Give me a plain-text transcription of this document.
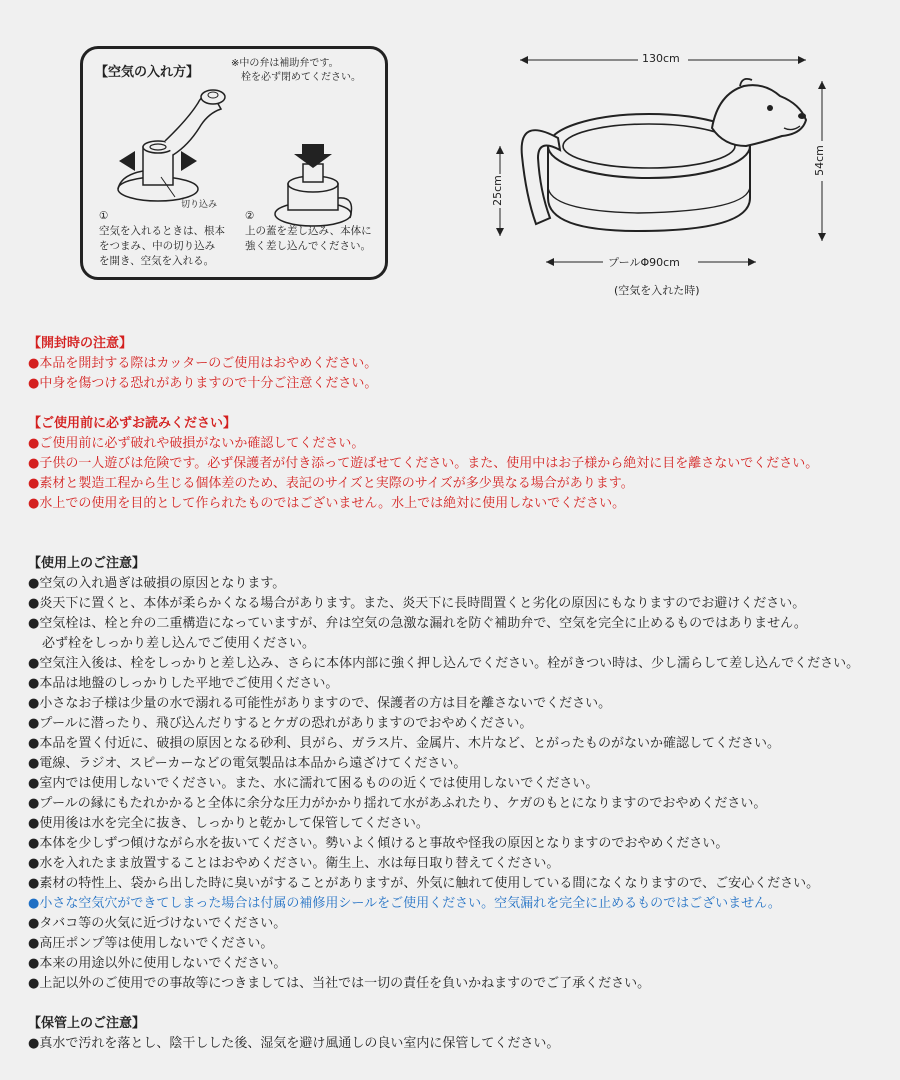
【空気の入れ方】
※中の弁は補助弁です。
　栓を必ず閉めてください。
切り込み
①
空気を入れるときは、根本
をつまみ、中の切り込み
を開き、空気を入れる。
②
上の蓋を差し込み、本体に
強く差し込んでください。
130cm
54cm
25cm
プールΦ90cm
(空気を入れた時)
【開封時の注意】
●本品を開封する際はカッターのご使用はおやめください。
●中身を傷つける恐れがありますので十分ご注意ください。
【ご使用前に必ずお読みください】
●ご使用前に必ず破れや破損がないか確認してください。
●子供の一人遊びは危険です。必ず保護者が付き添って遊ばせてください。また、使用中はお子様から絶対に目を離さないでください。
●素材と製造工程から生じる個体差のため、表記のサイズと実際のサイズが多少異なる場合があります。
●水上での使用を目的として作られたものではございません。水上では絶対に使用しないでください。
【使用上のご注意】
●空気の入れ過ぎは破損の原因となります。
●炎天下に置くと、本体が柔らかくなる場合があります。また、炎天下に長時間置くと劣化の原因にもなりますのでお避けください。
●空気栓は、栓と弁の二重構造になっていますが、弁は空気の急激な漏れを防ぐ補助弁で、空気を完全に止めるものではありません。
必ず栓をしっかり差し込んでご使用ください。
●空気注入後は、栓をしっかりと差し込み、さらに本体内部に強く押し込んでください。栓がきつい時は、少し濡らして差し込んでください。
●本品は地盤のしっかりした平地でご使用ください。
●小さなお子様は少量の水で溺れる可能性がありますので、保護者の方は目を離さないでください。
●プールに潜ったり、飛び込んだりするとケガの恐れがありますのでおやめください。
●本品を置く付近に、破損の原因となる砂利、貝がら、ガラス片、金属片、木片など、とがったものがないか確認してください。
●電線、ラジオ、スピーカーなどの電気製品は本品から遠ざけてください。
●室内では使用しないでください。また、水に濡れて困るものの近くでは使用しないでください。
●プールの縁にもたれかかると全体に余分な圧力がかかり揺れて水があふれたり、ケガのもとになりますのでおやめください。
●使用後は水を完全に抜き、しっかりと乾かして保管してください。
●本体を少しずつ傾けながら水を抜いてください。勢いよく傾けると事故や怪我の原因となりますのでおやめください。
●水を入れたまま放置することはおやめください。衛生上、水は毎日取り替えてください。
●素材の特性上、袋から出した時に臭いがすることがありますが、外気に触れて使用している間になくなりますので、ご安心ください。
●小さな空気穴ができてしまった場合は付属の補修用シールをご使用ください。空気漏れを完全に止めるものではございません。
●タバコ等の火気に近づけないでください。
●高圧ポンプ等は使用しないでください。
●本来の用途以外に使用しないでください。
●上記以外のご使用での事故等につきましては、当社では一切の責任を負いかねますのでご了承ください。
【保管上のご注意】
●真水で汚れを落とし、陰干しした後、湿気を避け風通しの良い室内に保管してください。
